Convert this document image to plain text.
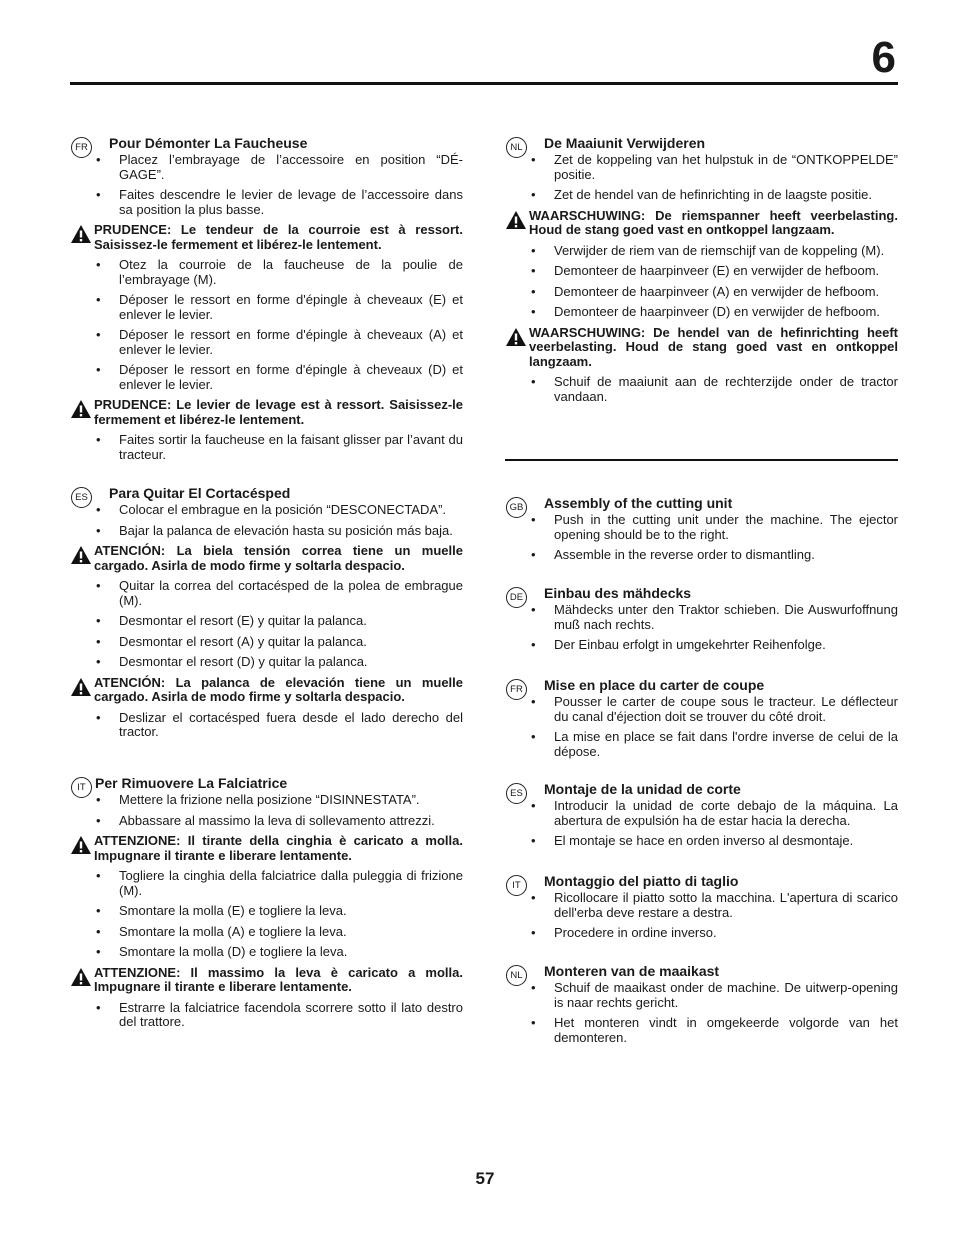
6
FR Pour Démonter La Faucheuse
• Placez l’embrayage de l’accessoire en position “DÉ-GAGE”.
• Faites descendre le levier de levage de l’accessoire dans sa position la plus basse.
PRUDENCE: Le tendeur de la courroie est à ressort. Saisissez-le fermement et libérez-le lentement.
• Otez la courroie de la faucheuse de la poulie de l’embrayage (M).
• Déposer le ressort en forme d'épingle à cheveaux (E) et enlever le levier.
• Déposer le ressort en forme d'épingle à cheveaux (A) et enlever le levier.
• Déposer le ressort en forme d'épingle à cheveaux (D) et enlever le levier.
PRUDENCE: Le levier de levage est à ressort. Saisissez-le fermement et libérez-le lentement.
• Faites sortir la faucheuse en la faisant glisser par l’avant du tracteur.
ES Para Quitar El Cortacésped
• Colocar el embrague en la posición “DESCONECTADA”.
• Bajar la palanca de elevación hasta su posición más baja.
ATENCIÓN: La biela tensión correa tiene un muelle cargado. Asirla de modo firme y soltarla despacio.
• Quitar la correa del cortacésped de la polea de embrague (M).
• Desmontar el resort (E) y quitar la palanca.
• Desmontar el resort (A) y quitar la palanca.
• Desmontar el resort (D) y quitar la palanca.
ATENCIÓN: La palanca de elevación tiene un muelle cargado. Asirla de modo firme y soltarla despacio.
• Deslizar el cortacésped fuera desde el lado derecho del tractor.
IT Per Rimuovere La Falciatrice
• Mettere la frizione nella posizione “DISINNESTATA”.
• Abbassare al massimo la leva di sollevamento attrezzi.
ATTENZIONE: Il tirante della cinghia è caricato a molla. Impugnare il tirante e liberare lentamente.
• Togliere la cinghia della falciatrice dalla puleggia di frizione (M).
• Smontare la molla (E) e togliere la leva.
• Smontare la molla (A) e togliere la leva.
• Smontare la molla (D) e togliere la leva.
ATTENZIONE: Il massimo la leva è caricato a molla. Impugnare il tirante e liberare lentamente.
• Estrarre la falciatrice facendola scorrere sotto il lato destro del trattore.
NL	De Maaiunit Verwijderen
• Zet de koppeling van het hulpstuk in de “ONTKOPPELDE” positie.
• Zet de hendel van de hefinrichting in de laagste positie.
WAARSCHUWING: De riemspanner heeft veerbelasting. Houd de stang goed vast en ontkoppel langzaam.
• Verwijder de riem van de riemschijf van de koppeling (M).
• Demonteer de haarpinveer (E) en verwijder de hefboom.
• Demonteer de haarpinveer (A) en verwijder de hefboom.
• Demonteer de haarpinveer (D) en verwijder de hefboom.
WAARSCHUWING: De hendel van de hefinrichting heeft veerbelasting. Houd de stang goed vast en ontkoppel langzaam.
• Schuif de maaiunit aan de rechterzijde onder de tractor vandaan.
GB Assembly of the cutting unit
• Push in the cutting unit under the machine. The ejector opening should be to the right.
• Assemble in the reverse order to dismantling.
DE Einbau des mähdecks
• Mähdecks unter den Traktor schieben. Die Auswurfoffnung muß nach rechts.
• Der Einbau erfolgt in umgekehrter Reihenfolge.
FR Mise en place du carter de coupe
• Pousser le carter de coupe sous le tracteur. Le déflecteur du canal d'éjection doit se trouver du côté droit.
• La mise en place se fait dans l'ordre inverse de celui de la dépose.
ES Montaje de la unidad de corte
• Introducir la unidad de corte debajo de la máquina. La abertura de expulsión ha de estar hacia la derecha.
• El montaje se hace en orden inverso al desmontaje.
IT	Montaggio del piatto di taglio
• Ricollocare il piatto sotto la macchina. L'apertura di scarico dell'erba deve restare a destra.
• Procedere in ordine inverso.
NL	Monteren van de maaikast
• Schuif de maaikast onder de machine. De uitwerp-opening is naar rechts gericht.
• Het monteren vindt in omgekeerde volgorde van het demonteren.
57
